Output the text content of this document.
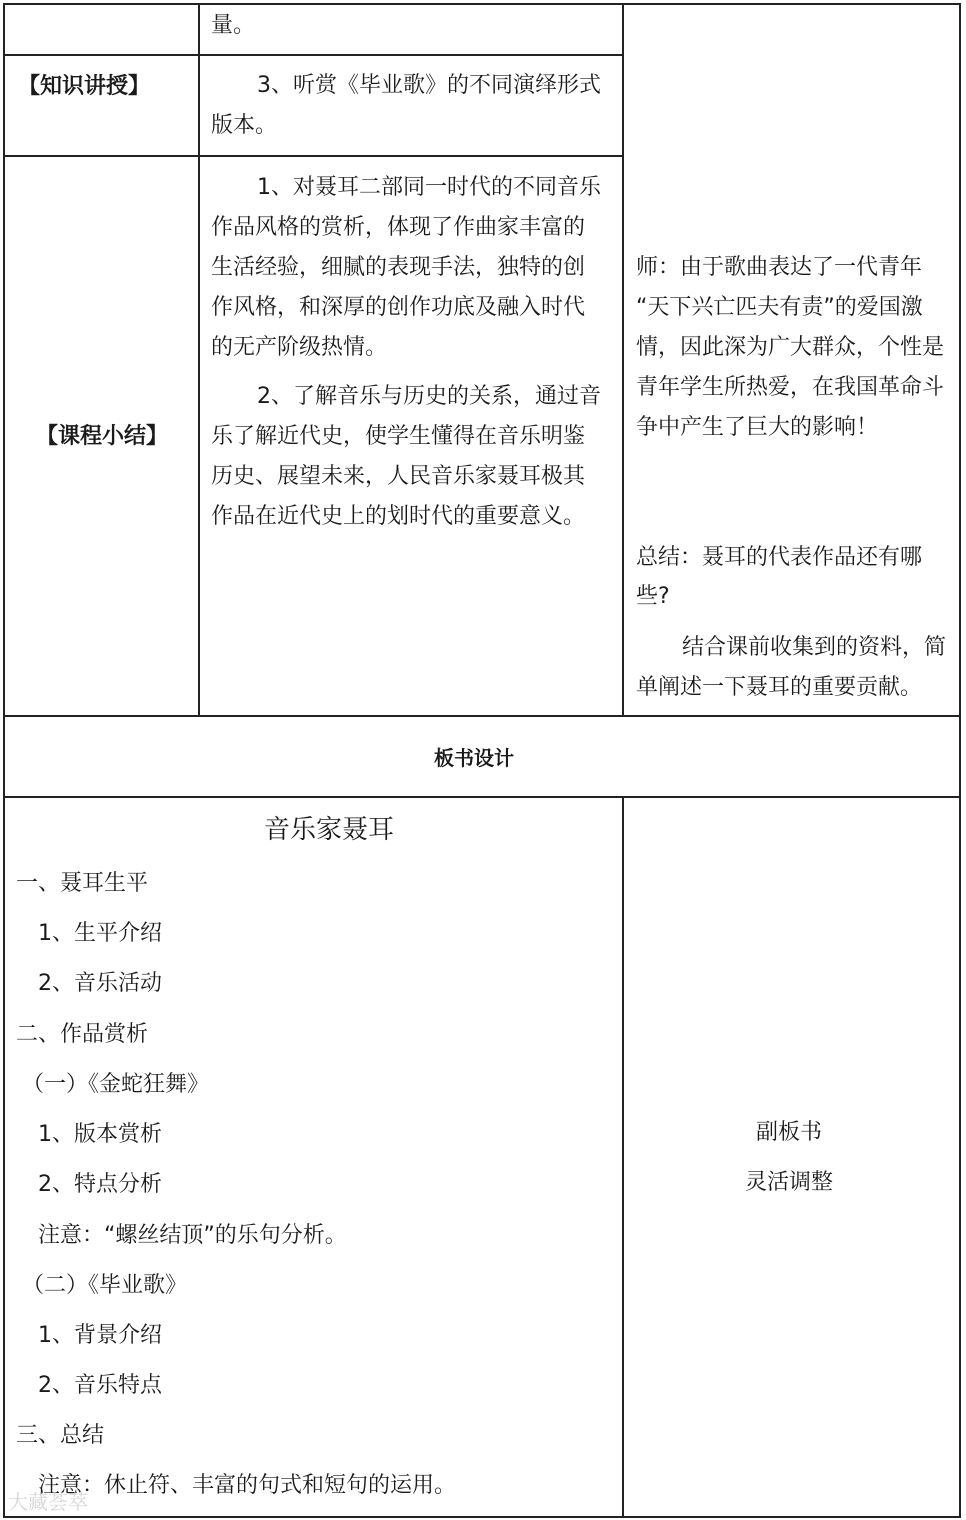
量。
【知识讲授】	3、听赏《毕业歌》的不同演绎形式
版本。
【课程小结】
1、对聂耳二部同一时代的不同音乐
作品风格的赏析，体现了作曲家丰富的
生活经验，细腻的表现手法，独特的创
作风格，和深厚的创作功底及融入时代
的无产阶级热情。
2、了解音乐与历史的关系，通过音
乐了解近代史，使学生懂得在音乐明鉴
历史、展望未来，人民音乐家聂耳极其
作品在近代史上的划时代的重要意义。
师：由于歌曲表达了一代青年
“天下兴亡匹夫有责”的爱国激
情，因此深为广大群众，个性是
青年学生所热爱，在我国革命斗
争中产生了巨大的影响！
总结：聂耳的代表作品还有哪
些?
结合课前收集到的资料，简
单阐述一下聂耳的重要贡献。
板书设计
音乐家聂耳
一、聂耳生平
1、生平介绍
2、音乐活动
二、作品赏析
（一）《金蛇狂舞》
1、版本赏析
2、特点分析
注意：“螺丝结顶”的乐句分析。
（二）《毕业歌》
1、背景介绍
2、音乐特点
三、总结
注意：休止符、丰富的句式和短句的运用。
副板书
灵活调整
大藏荟萃
